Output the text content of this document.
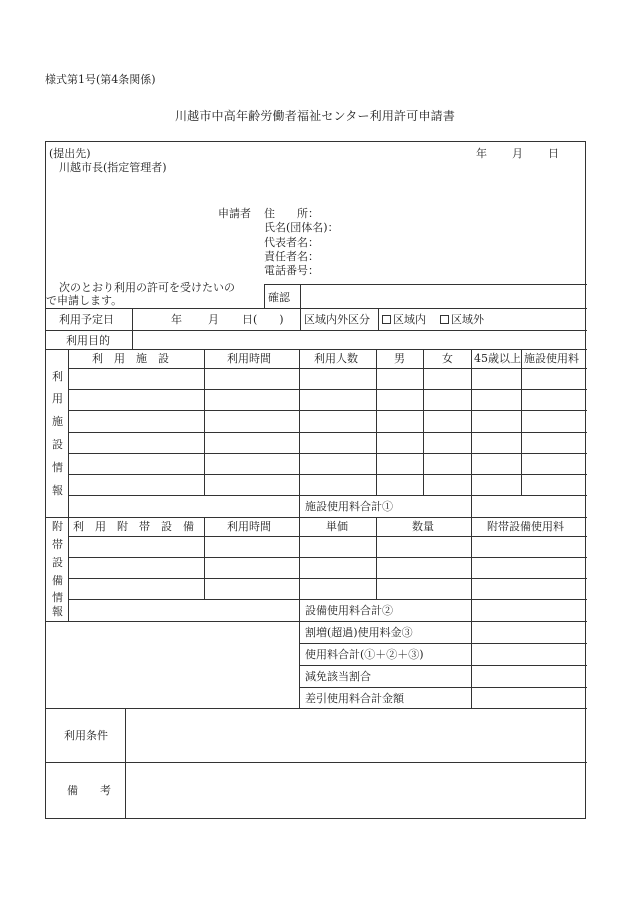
様式第1号(第4条関係)
川越市中高年齢労働者福祉センター利用許可申請書
(提出先)
川越市長(指定管理者)
年 月 日
申請者 住　　所：
氏名(団体名)：
代表者名：
責任者名：
電話番号：
次のとおり利用の許可を受けたいの
で申請します。	確認
利用予定日	年 月 日(　　) 区域内外区分	区域内	区域外
利用目的
利
用
施
設
情
報
利　用　施　設	利用時間	利用人数	男	女 45歳以上 施設使用料
施設使用料合計①
附
帯
設
備
情
報
利　用　附　帯　設　備	利用時間	単価	数量	附帯設備使用料
設備使用料合計②
割増(超過)使用料金③
使用料合計(①＋②＋③)
減免該当割合
差引使用料合計金額
利用条件
備　　考
